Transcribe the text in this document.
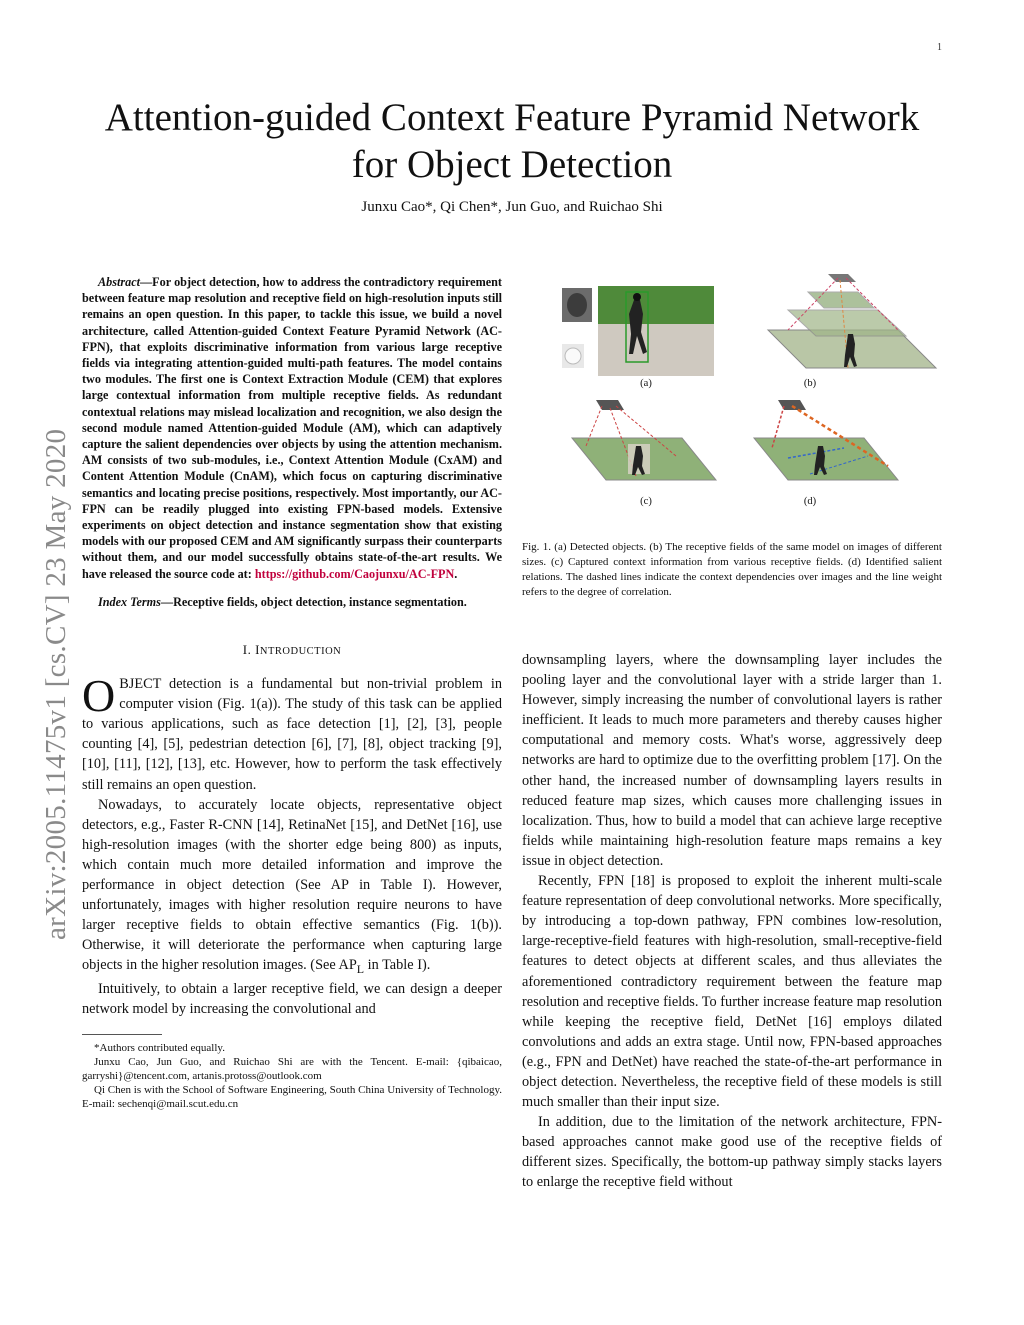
1
arXiv:2005.11475v1 [cs.CV] 23 May 2020
Attention-guided Context Feature Pyramid Network
for Object Detection
Junxu Cao*, Qi Chen*, Jun Guo, and Ruichao Shi

Abstract—For object detection, how to address the contradictory requirement between feature map resolution and receptive field on high-resolution inputs still remains an open question. In this paper, to tackle this issue, we build a novel architecture, called Attention-guided Context Feature Pyramid Network (AC-FPN), that exploits discriminative information from various large receptive fields via integrating attention-guided multi-path features. The model contains two modules. The first one is Context Extraction Module (CEM) that explores large contextual information from multiple receptive fields. As redundant contextual relations may mislead localization and recognition, we also design the second module named Attention-guided Module (AM), which can adaptively capture the salient dependencies over objects by using the attention mechanism. AM consists of two sub-modules, i.e., Context Attention Module (CxAM) and Content Attention Module (CnAM), which focus on capturing discriminative semantics and locating precise positions, respectively. Most importantly, our AC-FPN can be readily plugged into existing FPN-based models. Extensive experiments on object detection and instance segmentation show that existing models with our proposed CEM and AM significantly surpass their counterparts without them, and our model successfully obtains state-of-the-art results. We have released the source code at: https://github.com/Caojunxu/AC-FPN.

Index Terms—Receptive fields, object detection, instance segmentation.

I. INTRODUCTION

OBJECT detection is a fundamental but non-trivial problem in computer vision (Fig. 1(a)). The study of this task can be applied to various applications, such as face detection [1], [2], [3], people counting [4], [5], pedestrian detection [6], [7], [8], object tracking [9], [10], [11], [12], [13], etc. However, how to perform the task effectively still remains an open question.

Nowadays, to accurately locate objects, representative object detectors, e.g., Faster R-CNN [14], RetinaNet [15], and DetNet [16], use high-resolution images (with the shorter edge being 800) as inputs, which contain much more detailed information and improve the performance in object detection (See AP in Table I). However, unfortunately, images with higher resolution require neurons to have larger receptive fields to obtain effective semantics (Fig. 1(b)). Otherwise, it will deteriorate the performance when capturing large objects in the higher resolution images. (See $AP_L$ in Table I).

Intuitively, to obtain a larger receptive field, we can design a deeper network model by increasing the convolutional and

*Authors contributed equally.

Junxu Cao, Jun Guo, and Ruichao Shi are with the Tencent. E-mail: {qibaicao, garryshi}@tencent.com, artanis.protoss@outlook.com

Qi Chen is with the School of Software Engineering, South China University of Technology. E-mail: sechenqi@mail.scut.edu.cn

(a)	(b)
(c)	(d)

Fig. 1. (a) Detected objects. (b) The receptive fields of the same model on images of different sizes. (c) Captured context information from various receptive fields. (d) Identified salient relations. The dashed lines indicate the context dependencies over images and the line weight refers to the degree of correlation.

downsampling layers, where the downsampling layer includes the pooling layer and the convolutional layer with a stride larger than 1. However, simply increasing the number of convolutional layers is rather inefficient. It leads to much more parameters and thereby causes higher computational and memory costs. What's worse, aggressively deep networks are hard to optimize due to the overfitting problem [17]. On the other hand, the increased number of downsampling layers results in reduced feature map sizes, which causes more challenging issues in localization. Thus, how to build a model that can achieve large receptive fields while maintaining high-resolution feature maps remains a key issue in object detection.

Recently, FPN [18] is proposed to exploit the inherent multi-scale feature representation of deep convolutional networks. More specifically, by introducing a top-down pathway, FPN combines low-resolution, large-receptive-field features with high-resolution, small-receptive-field features to detect objects at different scales, and thus alleviates the aforementioned contradictory requirement between the feature map resolution and receptive fields. To further increase feature map resolution while keeping the receptive field, DetNet [16] employs dilated convolutions and adds an extra stage. Until now, FPN-based approaches (e.g., FPN and DetNet) have reached the state-of-the-art performance in object detection. Nevertheless, the receptive field of these models is still much smaller than their input size.

In addition, due to the limitation of the network architecture, FPN-based approaches cannot make good use of the receptive fields of different sizes. Specifically, the bottom-up pathway simply stacks layers to enlarge the receptive field without
